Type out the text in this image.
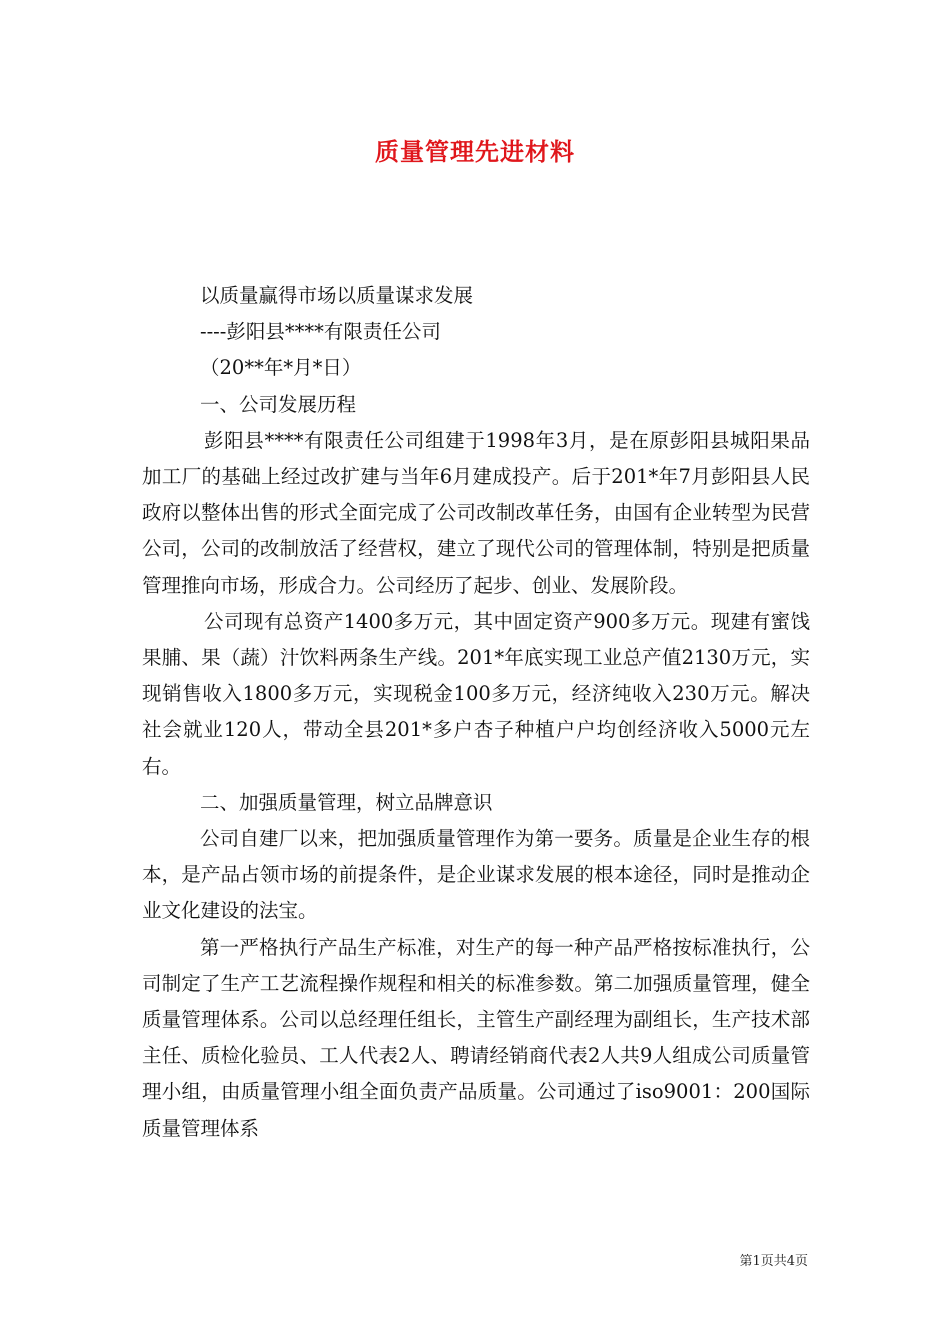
质量管理先进材料

以质量赢得市场以质量谋求发展

----彭阳县****有限责任公司

（20**年*月*日）

一、公司发展历程

彭阳县****有限责任公司组建于1998年3月，是在原彭阳县城阳果品加工厂的基础上经过改扩建与当年6月建成投产。后于201*年7月彭阳县人民政府以整体出售的形式全面完成了公司改制改革任务，由国有企业转型为民营公司，公司的改制放活了经营权，建立了现代公司的管理体制，特别是把质量管理推向市场，形成合力。公司经历了起步、创业、发展阶段。

公司现有总资产1400多万元，其中固定资产900多万元。现建有蜜饯果脯、果（蔬）汁饮料两条生产线。201*年底实现工业总产值2130万元，实现销售收入1800多万元，实现税金100多万元，经济纯收入230万元。解决社会就业120人，带动全县201*多户杏子种植户户均创经济收入5000元左右。

二、加强质量管理，树立品牌意识

公司自建厂以来，把加强质量管理作为第一要务。质量是企业生存的根本，是产品占领市场的前提条件，是企业谋求发展的根本途径，同时是推动企业文化建设的法宝。

第一严格执行产品生产标准，对生产的每一种产品严格按标准执行，公司制定了生产工艺流程操作规程和相关的标准参数。第二加强质量管理，健全质量管理体系。公司以总经理任组长，主管生产副经理为副组长，生产技术部主任、质检化验员、工人代表2人、聘请经销商代表2人共9人组成公司质量管理小组，由质量管理小组全面负责产品质量。公司通过了iso9001：200国际质量管理体系

第1页共4页
